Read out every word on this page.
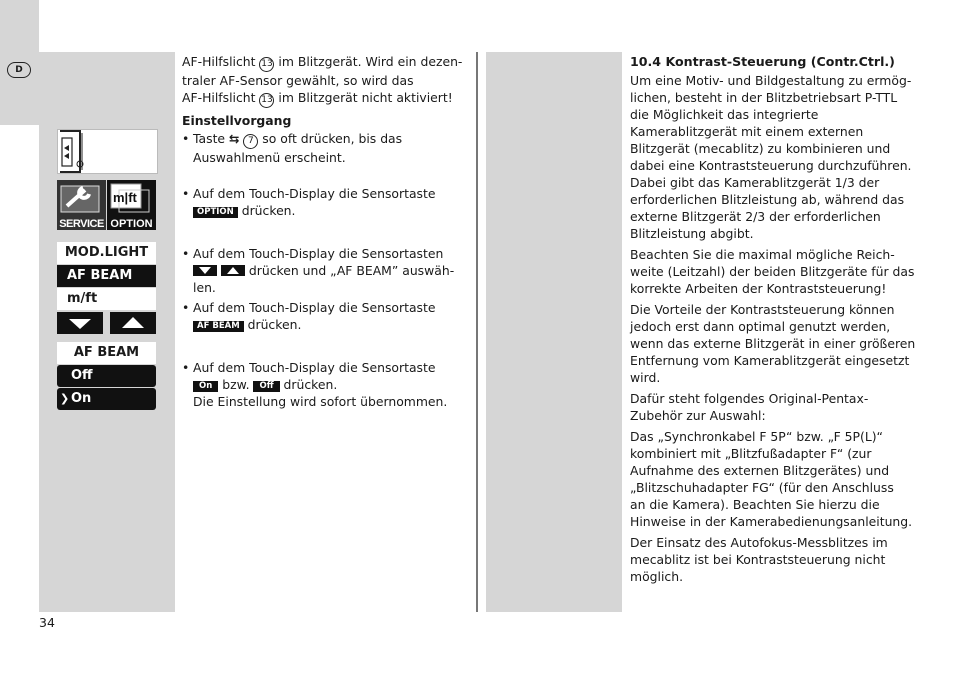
D
SERVICE
m|ft
OPTION
MOD.LIGHT
AF BEAM
m/ft
AF BEAM
Off
❯ On

AF-Hilfslicht 13 im Blitzgerät. Wird ein dezen-

traler AF-Sensor gewählt, so wird das

AF-Hilfslicht 13 im Blitzgerät nicht aktiviert!

Einstellvorgang

• Taste ⇆ 7 so oft drücken, bis das
Auswahlmenü erscheint.
• Auf dem Touch-Display die Sensortaste
OPTION drücken.
• Auf dem Touch-Display die Sensortasten

drücken und „AF BEAM” auswäh-
len.
• Auf dem Touch-Display die Sensortaste
AF BEAM drücken.
• Auf dem Touch-Display die Sensortaste
On bzw. Off drücken.
Die Einstellung wird sofort übernommen.

10.4 Kontrast-Steuerung (Contr.Ctrl.)

Um eine Motiv- und Bildgestaltung zu ermög-
lichen, besteht in der Blitzbetriebsart P-TTL
die Möglichkeit das integrierte
Kamerablitzgerät mit einem externen
Blitzgerät (mecablitz) zu kombinieren und
dabei eine Kontraststeuerung durchzuführen.
Dabei gibt das Kamerablitzgerät 1/3 der
erforderlichen Blitzleistung ab, während das
externe Blitzgerät 2/3 der erforderlichen
Blitzleistung abgibt.

Beachten Sie die maximal mögliche Reich-
weite (Leitzahl) der beiden Blitzgeräte für das
korrekte Arbeiten der Kontraststeuerung!

Die Vorteile der Kontraststeuerung können
jedoch erst dann optimal genutzt werden,
wenn das externe Blitzgerät in einer größeren
Entfernung vom Kamerablitzgerät eingesetzt
wird.

Dafür steht folgendes Original-Pentax-
Zubehör zur Auswahl:

Das „Synchronkabel F 5P“ bzw. „F 5P(L)“
kombiniert mit „Blitzfußadapter F“ (zur
Aufnahme des externen Blitzgerätes) und
„Blitzschuhadapter FG“ (für den Anschluss
an die Kamera). Beachten Sie hierzu die
Hinweise in der Kamerabedienungsanleitung.

Der Einsatz des Autofokus-Messblitzes im
mecablitz ist bei Kontraststeuerung nicht
möglich.

34
